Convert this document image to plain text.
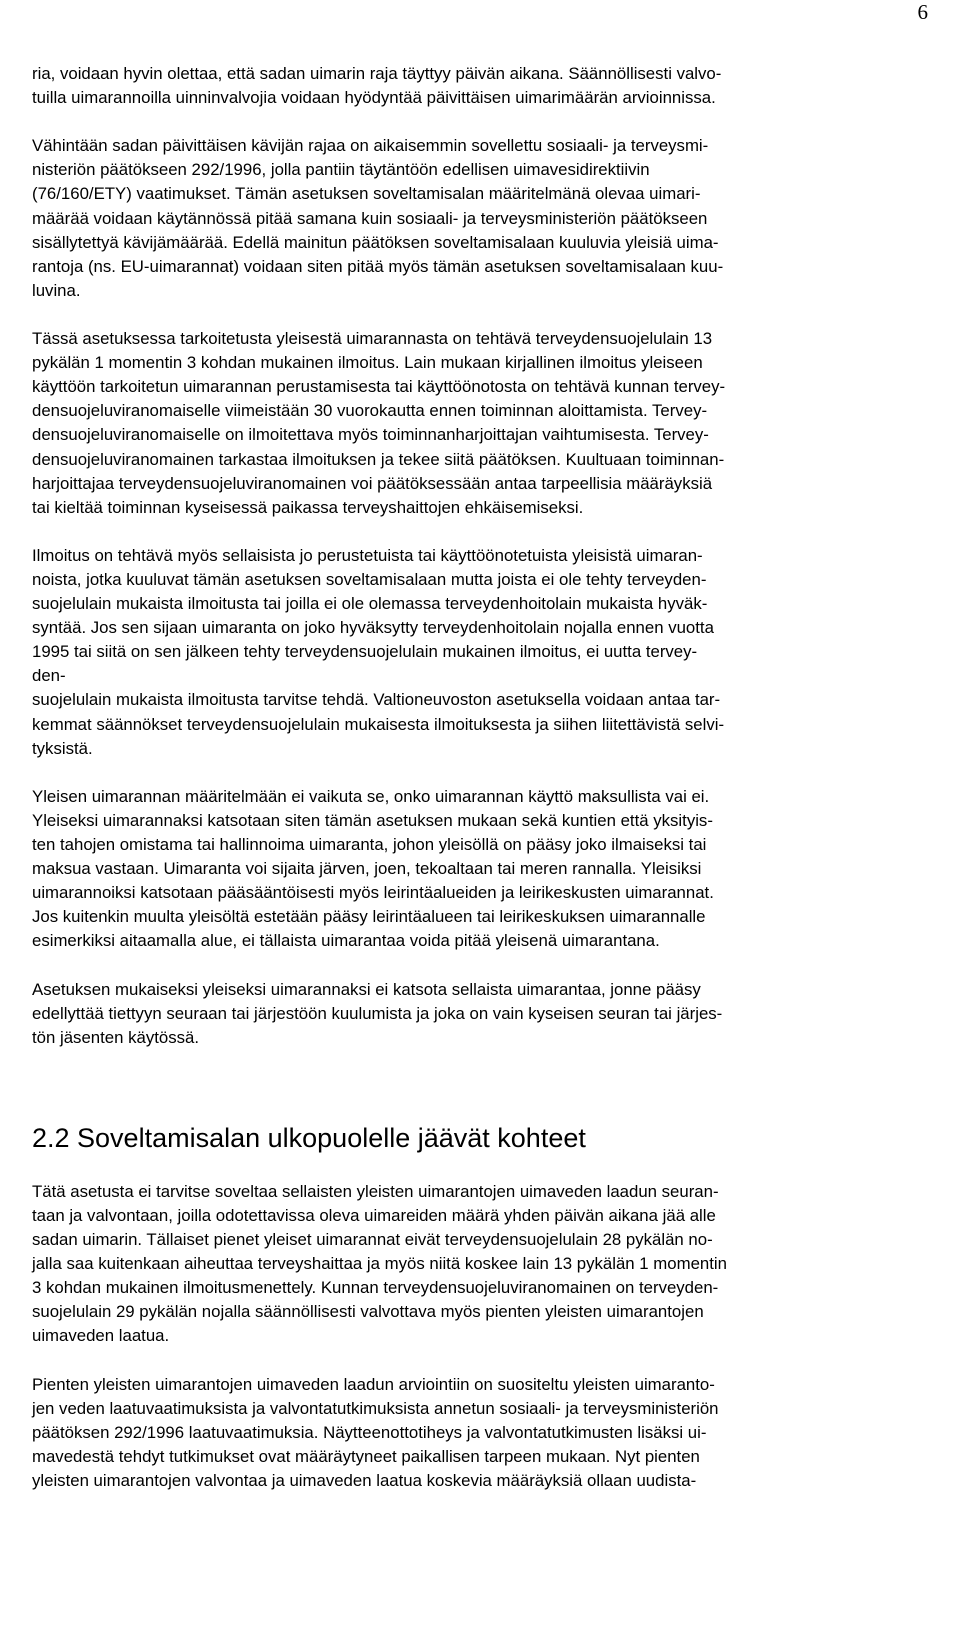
6

ria, voidaan hyvin olettaa, että sadan uimarin raja täyttyy päivän aikana. Säännöllisesti valvo-
tuilla uimarannoilla uinninvalvojia voidaan hyödyntää päivittäisen uimarimäärän arvioinnissa.

Vähintään sadan päivittäisen kävijän rajaa on aikaisemmin sovellettu sosiaali- ja terveysmi-
nisteriön päätökseen 292/1996, jolla pantiin täytäntöön edellisen uimavesidirektiivin
(76/160/ETY) vaatimukset. Tämän asetuksen soveltamisalan määritelmänä olevaa uimari-
määrää voidaan käytännössä pitää samana kuin sosiaali- ja terveysministeriön päätökseen
sisällytettyä kävijämäärää. Edellä mainitun päätöksen soveltamisalaan kuuluvia yleisiä uima-
rantoja (ns. EU-uimarannat) voidaan siten pitää myös tämän asetuksen soveltamisalaan kuu-
luvina.

Tässä asetuksessa tarkoitetusta yleisestä uimarannasta on tehtävä terveydensuojelulain 13
pykälän 1 momentin 3 kohdan mukainen ilmoitus. Lain mukaan kirjallinen ilmoitus yleiseen
käyttöön tarkoitetun uimarannan perustamisesta tai käyttöönotosta on tehtävä kunnan tervey-
densuojeluviranomaiselle viimeistään 30 vuorokautta ennen toiminnan aloittamista. Tervey-
densuojeluviranomaiselle on ilmoitettava myös toiminnanharjoittajan vaihtumisesta. Tervey-
densuojeluviranomainen tarkastaa ilmoituksen ja tekee siitä päätöksen. Kuultuaan toiminnan-
harjoittajaa terveydensuojeluviranomainen voi päätöksessään antaa tarpeellisia määräyksiä
tai kieltää toiminnan kyseisessä paikassa terveyshaittojen ehkäisemiseksi.

Ilmoitus on tehtävä myös sellaisista jo perustetuista tai käyttöönotetuista yleisistä uimaran-
noista, jotka kuuluvat tämän asetuksen soveltamisalaan mutta joista ei ole tehty terveyden-
suojelulain mukaista ilmoitusta tai joilla ei ole olemassa terveydenhoitolain mukaista hyväk-
syntää. Jos sen sijaan uimaranta on joko hyväksytty terveydenhoitolain nojalla ennen vuotta
1995 tai siitä on sen jälkeen tehty terveydensuojelulain mukainen ilmoitus, ei uutta tervey-
den-
suojelulain mukaista ilmoitusta tarvitse tehdä. Valtioneuvoston asetuksella voidaan antaa tar-
kemmat säännökset terveydensuojelulain mukaisesta ilmoituksesta ja siihen liitettävistä selvi-
tyksistä.

Yleisen uimarannan määritelmään ei vaikuta se, onko uimarannan käyttö maksullista vai ei.
Yleiseksi uimarannaksi katsotaan siten tämän asetuksen mukaan sekä kuntien että yksityis-
ten tahojen omistama tai hallinnoima uimaranta, johon yleisöllä on pääsy joko ilmaiseksi tai
maksua vastaan. Uimaranta voi sijaita järven, joen, tekoaltaan tai meren rannalla. Yleisiksi
uimarannoiksi katsotaan pääsääntöisesti myös leirintäalueiden ja leirikeskusten uimarannat.
Jos kuitenkin muulta yleisöltä estetään pääsy leirintäalueen tai leirikeskuksen uimarannalle
esimerkiksi aitaamalla alue, ei tällaista uimarantaa voida pitää yleisenä uimarantana.

Asetuksen mukaiseksi yleiseksi uimarannaksi ei katsota sellaista uimarantaa, jonne pääsy
edellyttää tiettyyn seuraan tai järjestöön kuulumista ja joka on vain kyseisen seuran tai järjes-
tön jäsenten käytössä.

2.2 Soveltamisalan ulkopuolelle jäävät kohteet

Tätä asetusta ei tarvitse soveltaa sellaisten yleisten uimarantojen uimaveden laadun seuran-
taan ja valvontaan, joilla odotettavissa oleva uimareiden määrä yhden päivän aikana jää alle
sadan uimarin. Tällaiset pienet yleiset uimarannat eivät terveydensuojelulain 28 pykälän no-
jalla saa kuitenkaan aiheuttaa terveyshaittaa ja myös niitä koskee lain 13 pykälän 1 momentin
3 kohdan mukainen ilmoitusmenettely. Kunnan terveydensuojeluviranomainen on terveyden-
suojelulain 29 pykälän nojalla säännöllisesti valvottava myös pienten yleisten uimarantojen
uimaveden laatua.

Pienten yleisten uimarantojen uimaveden laadun arviointiin on suositeltu yleisten uimaranto-
jen veden laatuvaatimuksista ja valvontatutkimuksista annetun sosiaali- ja terveysministeriön
päätöksen 292/1996 laatuvaatimuksia. Näytteenottotiheys ja valvontatutkimusten lisäksi ui-
mavedestä tehdyt tutkimukset ovat määräytyneet paikallisen tarpeen mukaan. Nyt pienten
yleisten uimarantojen valvontaa ja uimaveden laatua koskevia määräyksiä ollaan uudista-
